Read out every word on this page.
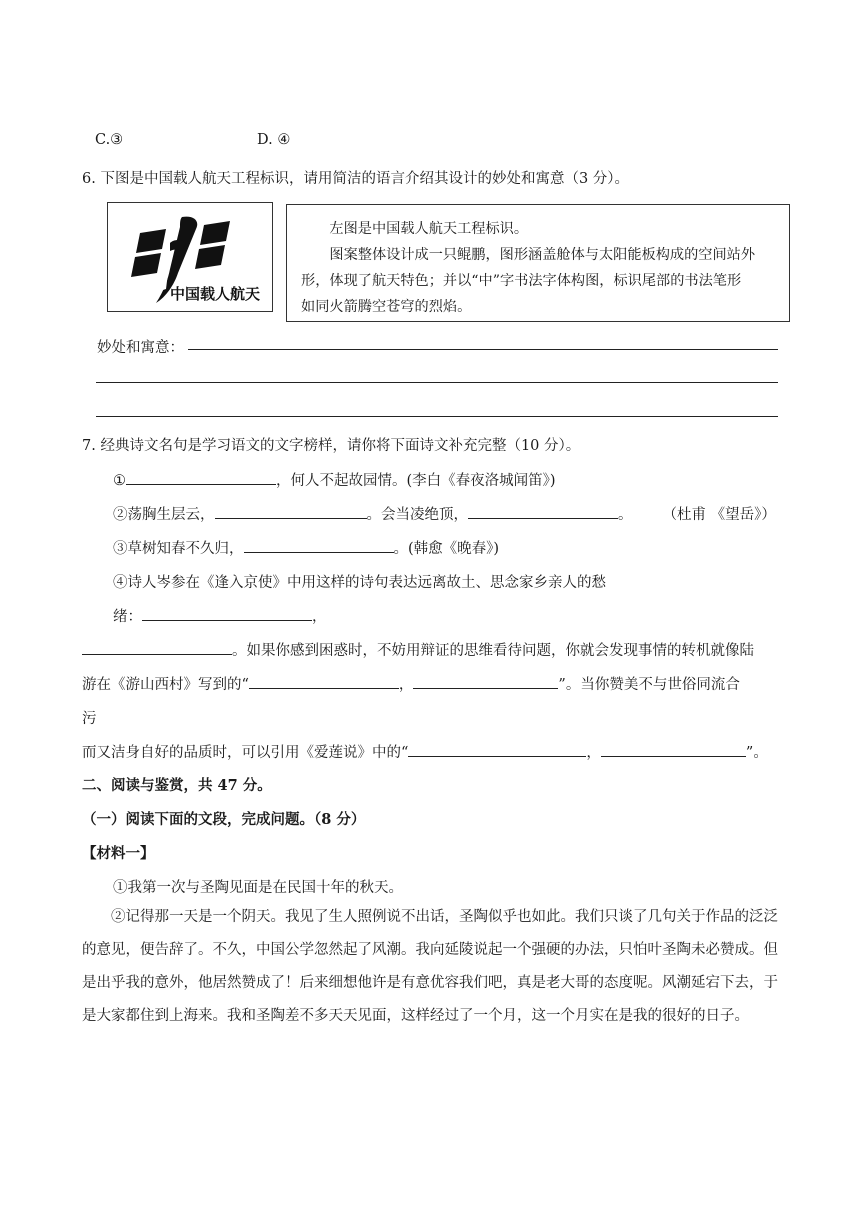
C.③	D. ④
6. 下图是中国载人航天工程标识，请用简洁的语言介绍其设计的妙处和寓意（3 分）。
中国载人航天

左图是中国载人航天工程标识。

图案整体设计成一只鲲鹏，图形涵盖舱体与太阳能板构成的空间站外

形，体现了航天特色；并以“中”字书法字体构图，标识尾部的书法笔形

如同火箭腾空苍穹的烈焰。

妙处和寓意：
7. 经典诗文名句是学习语文的文字榜样，请你将下面诗文补充完整（10 分）。
①	，何人不起故园情。(李白《春夜洛城闻笛》)
②荡胸生层云，	。会当凌绝顶，	。 （杜甫 《望岳》）
③草树知春不久归，	。(韩愈《晚春》)
④诗人岑参在《逢入京使》中用这样的诗句表达远离故土、思念家乡亲人的愁
绪：	，
。如果你感到困惑时，不妨用辩证的思维看待问题，你就会发现事情的转机就像陆
游在《游山西村》写到的“	，	”。当你赞美不与世俗同流合
污
而又洁身自好的品质时，可以引用《爱莲说》中的“	，	”。
二、阅读与鉴赏，共 47 分。
（一）阅读下面的文段，完成问题。（8 分）
【材料一】
①我第一次与圣陶见面是在民国十年的秋天。
②记得那一天是一个阴天。我见了生人照例说不出话，圣陶似乎也如此。我们只谈了几句关于作品的泛泛的意见，便告辞了。不久，中国公学忽然起了风潮。我向延陵说起一个强硬的办法，只怕叶圣陶未必赞成。但是出乎我的意外，他居然赞成了！后来细想他许是有意优容我们吧，真是老大哥的态度呢。风潮延宕下去，于是大家都住到上海来。我和圣陶差不多天天见面，这样经过了一个月，这一个月实在是我的很好的日子。
